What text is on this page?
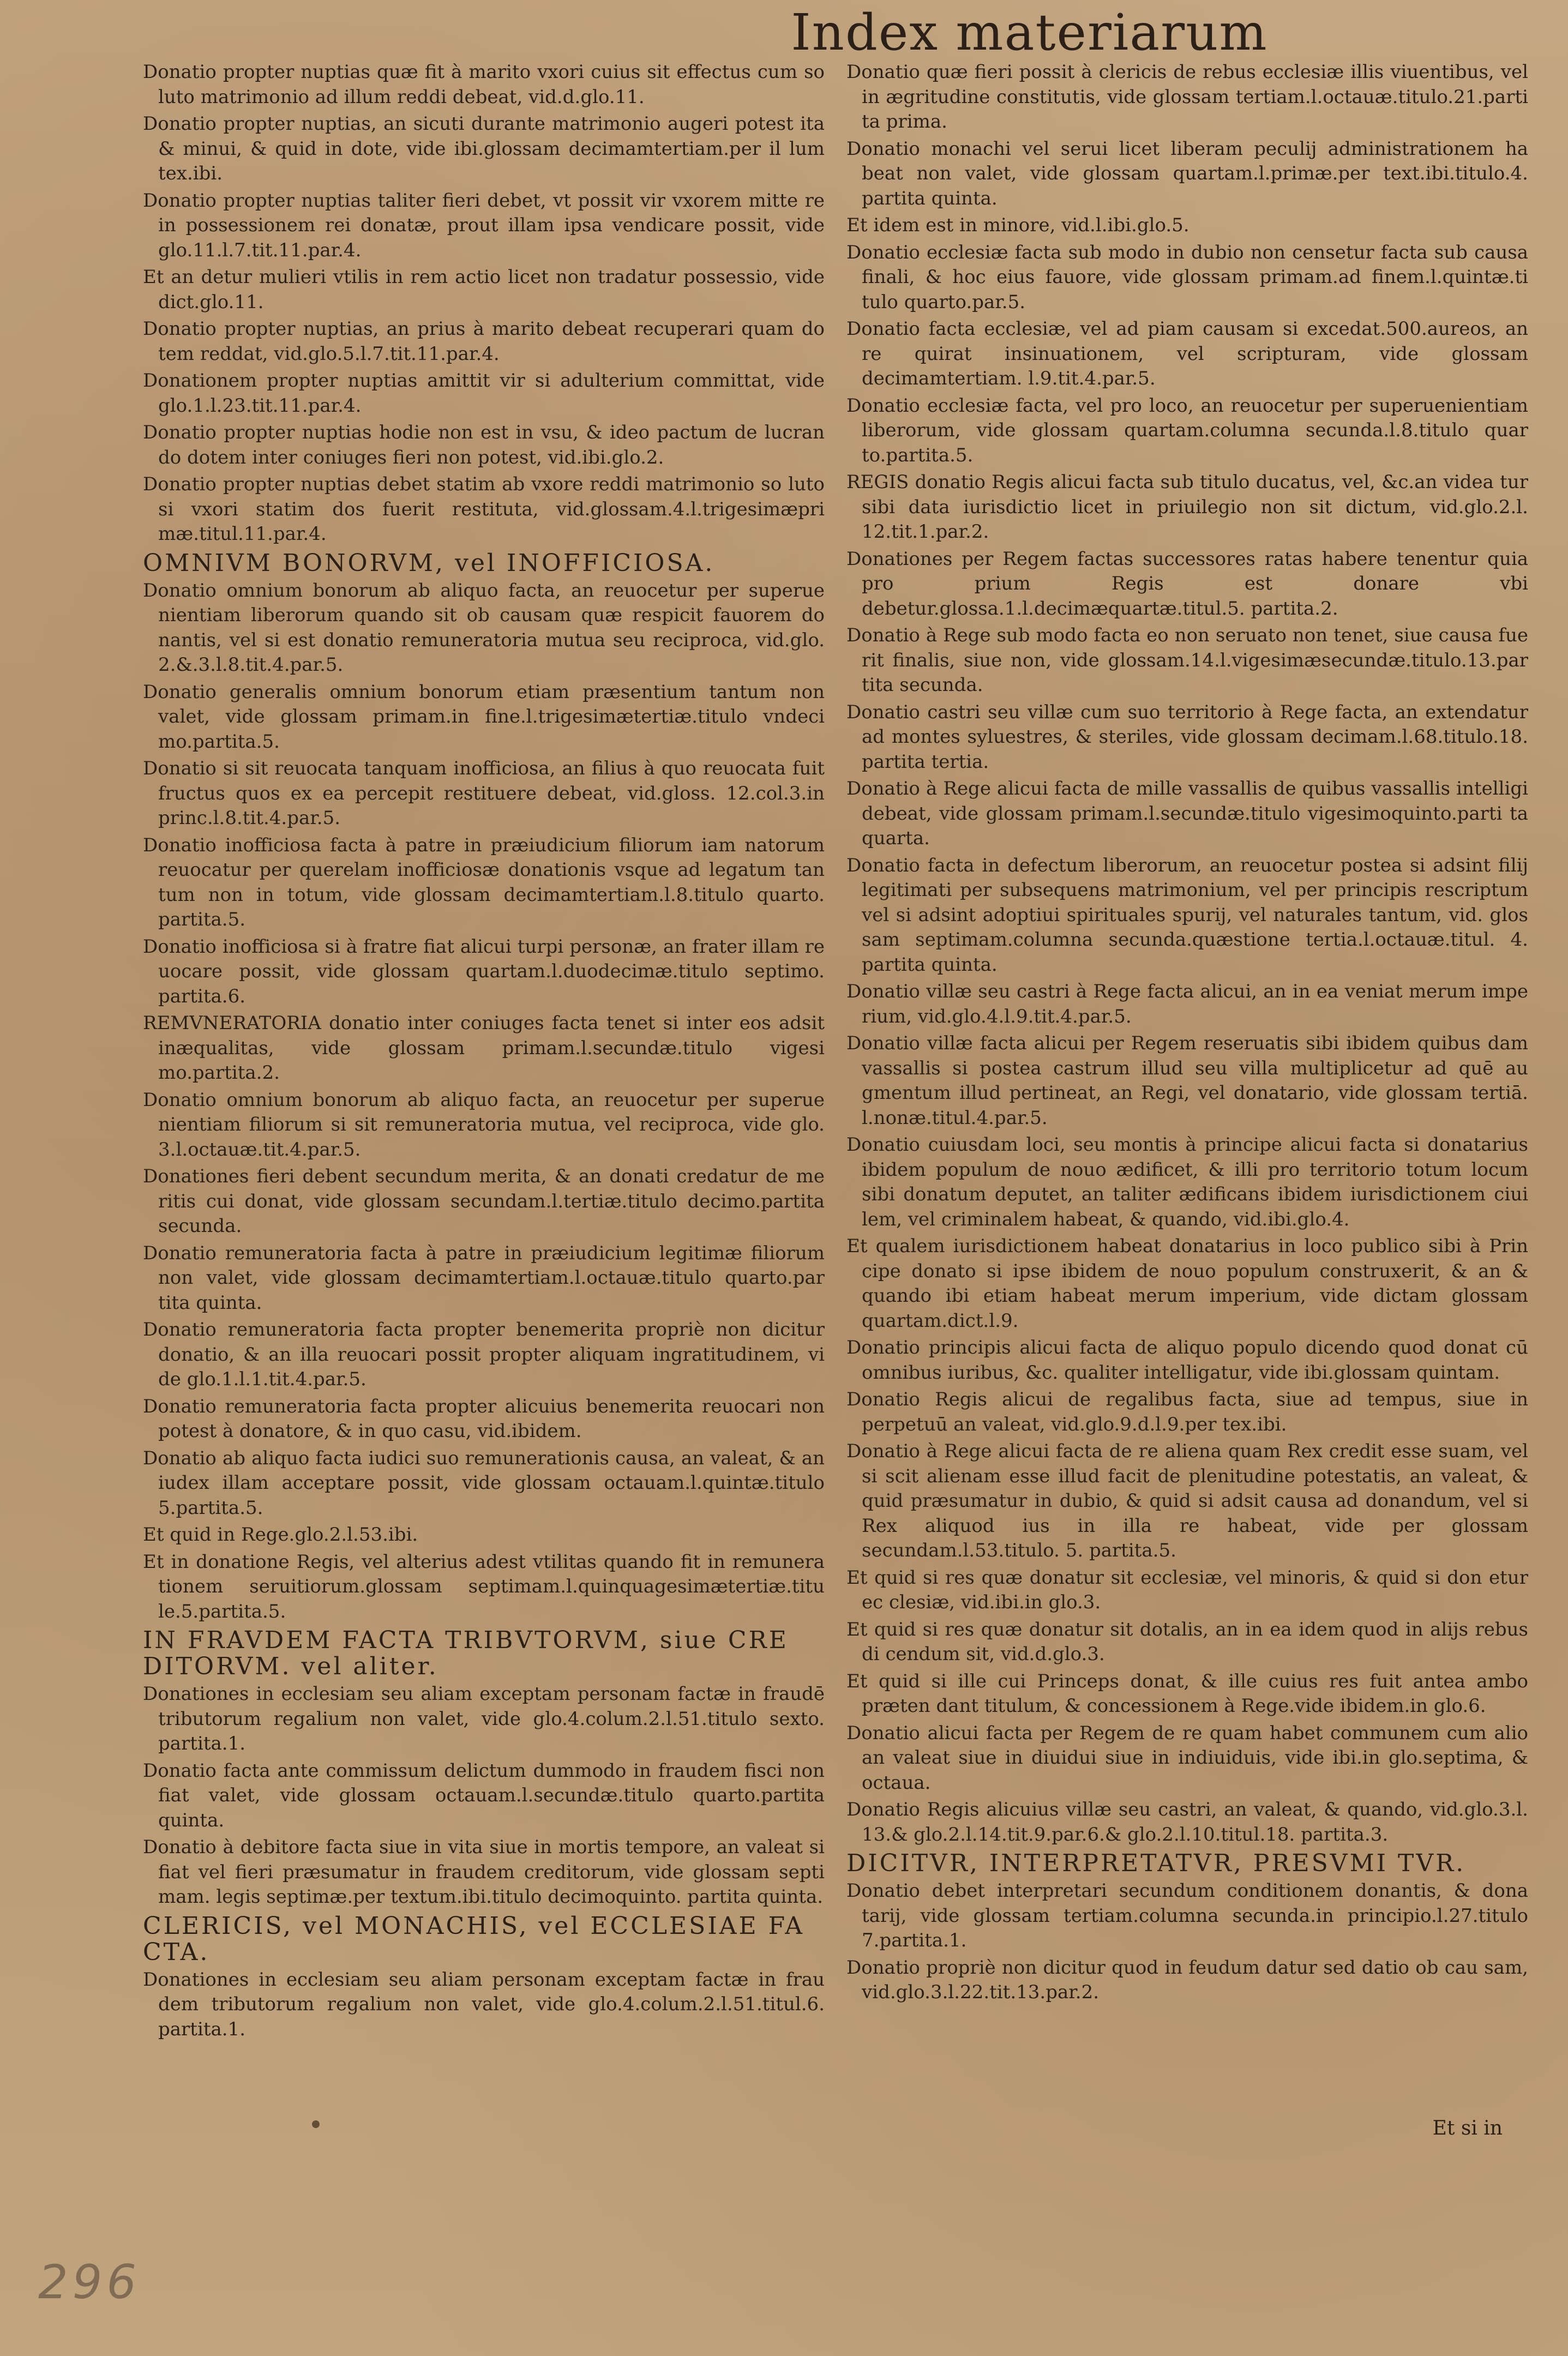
Index materiarum
Donatio propter nuptias quæ fit à marito vxori cuius sit effectus cum so luto matrimonio ad illum reddi debeat, vid.d.glo.11.
Donatio propter nuptias, an sicuti durante matrimonio augeri potest ita & minui, & quid in dote, vide ibi.glossam decimamtertiam.per il lum tex.ibi.
Donatio propter nuptias taliter fieri debet, vt possit vir vxorem mitte re in possessionem rei donatæ, prout illam ipsa vendicare possit, vide glo.11.l.7.tit.11.par.4.
Et an detur mulieri vtilis in rem actio licet non tradatur possessio, vide dict.glo.11.
Donatio propter nuptias, an prius à marito debeat recuperari quam do tem reddat, vid.glo.5.l.7.tit.11.par.4.
Donationem propter nuptias amittit vir si adulterium committat, vide glo.1.l.23.tit.11.par.4.
Donatio propter nuptias hodie non est in vsu, & ideo pactum de lucran do dotem inter coniuges fieri non potest, vid.ibi.glo.2.
Donatio propter nuptias debet statim ab vxore reddi matrimonio so luto si vxori statim dos fuerit restituta, vid.glossam.4.l.trigesimæpri mæ.titul.11.par.4.
OMNIVM BONORVM, vel INOFFICIOSA.
Donatio omnium bonorum ab aliquo facta, an reuocetur per superue nientiam liberorum quando sit ob causam quæ respicit fauorem do nantis, vel si est donatio remuneratoria mutua seu reciproca, vid.glo. 2.&.3.l.8.tit.4.par.5.
Donatio generalis omnium bonorum etiam præsentium tantum non valet, vide glossam primam.in fine.l.trigesimætertiæ.titulo vndeci mo.partita.5.
Donatio si sit reuocata tanquam inofficiosa, an filius à quo reuocata fuit fructus quos ex ea percepit restituere debeat, vid.gloss. 12.col.3.in princ.l.8.tit.4.par.5.
Donatio inofficiosa facta à patre in præiudicium filiorum iam natorum reuocatur per querelam inofficiosæ donationis vsque ad legatum tan tum non in totum, vide glossam decimamtertiam.l.8.titulo quarto. partita.5.
Donatio inofficiosa si à fratre fiat alicui turpi personæ, an frater illam re uocare possit, vide glossam quartam.l.duodecimæ.titulo septimo. partita.6.
REMVNERATORIA donatio inter coniuges facta tenet si inter eos adsit inæqualitas, vide glossam primam.l.secundæ.titulo vigesi mo.partita.2.
Donatio omnium bonorum ab aliquo facta, an reuocetur per superue nientiam filiorum si sit remuneratoria mutua, vel reciproca, vide glo. 3.l.octauæ.tit.4.par.5.
Donationes fieri debent secundum merita, & an donati credatur de me ritis cui donat, vide glossam secundam.l.tertiæ.titulo decimo.partita secunda.
Donatio remuneratoria facta à patre in præiudicium legitimæ filiorum non valet, vide glossam decimamtertiam.l.octauæ.titulo quarto.par tita quinta.
Donatio remuneratoria facta propter benemerita propriè non dicitur donatio, & an illa reuocari possit propter aliquam ingratitudinem, vi de glo.1.l.1.tit.4.par.5.
Donatio remuneratoria facta propter alicuius benemerita reuocari non potest à donatore, & in quo casu, vid.ibidem.
Donatio ab aliquo facta iudici suo remunerationis causa, an valeat, & an iudex illam acceptare possit, vide glossam octauam.l.quintæ.titulo 5.partita.5.
Et quid in Rege.glo.2.l.53.ibi.
Et in donatione Regis, vel alterius adest vtilitas quando fit in remunera tionem seruitiorum.glossam septimam.l.quinquagesimætertiæ.titu le.5.partita.5.
IN FRAVDEM FACTA TRIBVTORVM, siue CRE DITORVM. vel aliter.
Donationes in ecclesiam seu aliam exceptam personam factæ in fraudē tributorum regalium non valet, vide glo.4.colum.2.l.51.titulo sexto. partita.1.
Donatio facta ante commissum delictum dummodo in fraudem fisci non fiat valet, vide glossam octauam.l.secundæ.titulo quarto.partita quinta.
Donatio à debitore facta siue in vita siue in mortis tempore, an valeat si fiat vel fieri præsumatur in fraudem creditorum, vide glossam septi mam. legis septimæ.per textum.ibi.titulo decimoquinto. partita quinta.
CLERICIS, vel MONACHIS, vel ECCLESIAE FA CTA.
Donationes in ecclesiam seu aliam personam exceptam factæ in frau dem tributorum regalium non valet, vide glo.4.colum.2.l.51.titul.6. partita.1.
Donatio quæ fieri possit à clericis de rebus ecclesiæ illis viuentibus, vel in ægritudine constitutis, vide glossam tertiam.l.octauæ.titulo.21.parti ta prima.
Donatio monachi vel serui licet liberam peculij administrationem ha beat non valet, vide glossam quartam.l.primæ.per text.ibi.titulo.4. partita quinta.
Et idem est in minore, vid.l.ibi.glo.5.
Donatio ecclesiæ facta sub modo in dubio non censetur facta sub causa finali, & hoc eius fauore, vide glossam primam.ad finem.l.quintæ.ti tulo quarto.par.5.
Donatio facta ecclesiæ, vel ad piam causam si excedat.500.aureos, an re quirat insinuationem, vel scripturam, vide glossam decimamtertiam. l.9.tit.4.par.5.
Donatio ecclesiæ facta, vel pro loco, an reuocetur per superuenientiam liberorum, vide glossam quartam.columna secunda.l.8.titulo quar to.partita.5.
REGIS donatio Regis alicui facta sub titulo ducatus, vel, &c.an videa tur sibi data iurisdictio licet in priuilegio non sit dictum, vid.glo.2.l. 12.tit.1.par.2.
Donationes per Regem factas successores ratas habere tenentur quia pro prium Regis est donare vbi debetur.glossa.1.l.decimæquartæ.titul.5. partita.2.
Donatio à Rege sub modo facta eo non seruato non tenet, siue causa fue rit finalis, siue non, vide glossam.14.l.vigesimæsecundæ.titulo.13.par tita secunda.
Donatio castri seu villæ cum suo territorio à Rege facta, an extendatur ad montes syluestres, & steriles, vide glossam decimam.l.68.titulo.18. partita tertia.
Donatio à Rege alicui facta de mille vassallis de quibus vassallis intelligi debeat, vide glossam primam.l.secundæ.titulo vigesimoquinto.parti ta quarta.
Donatio facta in defectum liberorum, an reuocetur postea si adsint filij legitimati per subsequens matrimonium, vel per principis rescriptum vel si adsint adoptiui spirituales spurij, vel naturales tantum, vid. glos sam septimam.columna secunda.quæstione tertia.l.octauæ.titul. 4. partita quinta.
Donatio villæ seu castri à Rege facta alicui, an in ea veniat merum impe rium, vid.glo.4.l.9.tit.4.par.5.
Donatio villæ facta alicui per Regem reseruatis sibi ibidem quibus dam vassallis si postea castrum illud seu villa multiplicetur ad quē au gmentum illud pertineat, an Regi, vel donatario, vide glossam tertiā. l.nonæ.titul.4.par.5.
Donatio cuiusdam loci, seu montis à principe alicui facta si donatarius ibidem populum de nouo ædificet, & illi pro territorio totum locum sibi donatum deputet, an taliter ædificans ibidem iurisdictionem ciui lem, vel criminalem habeat, & quando, vid.ibi.glo.4.
Et qualem iurisdictionem habeat donatarius in loco publico sibi à Prin cipe donato si ipse ibidem de nouo populum construxerit, & an & quando ibi etiam habeat merum imperium, vide dictam glossam quartam.dict.l.9.
Donatio principis alicui facta de aliquo populo dicendo quod donat cū omnibus iuribus, &c. qualiter intelligatur, vide ibi.glossam quintam.
Donatio Regis alicui de regalibus facta, siue ad tempus, siue in perpetuū an valeat, vid.glo.9.d.l.9.per tex.ibi.
Donatio à Rege alicui facta de re aliena quam Rex credit esse suam, vel si scit alienam esse illud facit de plenitudine potestatis, an valeat, & quid præsumatur in dubio, & quid si adsit causa ad donandum, vel si Rex aliquod ius in illa re habeat, vide per glossam secundam.l.53.titulo. 5. partita.5.
Et quid si res quæ donatur sit ecclesiæ, vel minoris, & quid si don etur ec clesiæ, vid.ibi.in glo.3.
Et quid si res quæ donatur sit dotalis, an in ea idem quod in alijs rebus di cendum sit, vid.d.glo.3.
Et quid si ille cui Princeps donat, & ille cuius res fuit antea ambo præten dant titulum, & concessionem à Rege.vide ibidem.in glo.6.
Donatio alicui facta per Regem de re quam habet communem cum alio an valeat siue in diuidui siue in indiuiduis, vide ibi.in glo.septima, & octaua.
Donatio Regis alicuius villæ seu castri, an valeat, & quando, vid.glo.3.l. 13.& glo.2.l.14.tit.9.par.6.& glo.2.l.10.titul.18. partita.3.
DICITVR, INTERPRETATVR, PRESVMI TVR.
Donatio debet interpretari secundum conditionem donantis, & dona tarij, vide glossam tertiam.columna secunda.in principio.l.27.titulo 7.partita.1.
Donatio propriè non dicitur quod in feudum datur sed datio ob cau sam, vid.glo.3.l.22.tit.13.par.2.
Et si in
296
